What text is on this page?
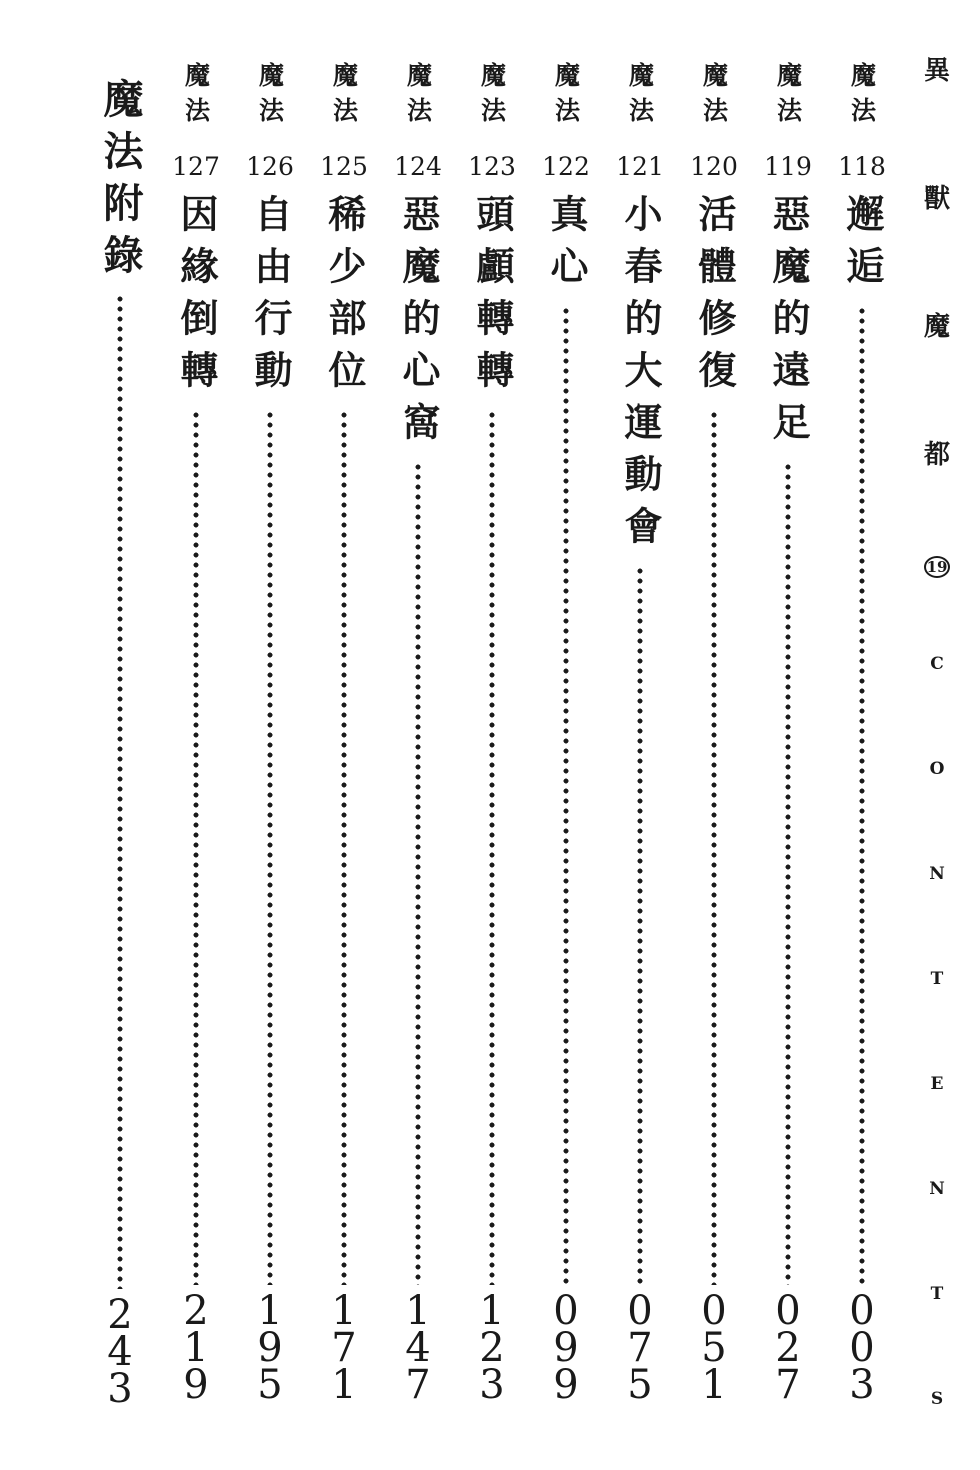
異
獸
魔
都
19
C
O
N
T
E
N
T
S
魔法
118
邂逅
0
0
3
魔法
119
惡魔的遠足
0
2
7
魔法
120
活體修復
0
5
1
魔法
121
小春的大運動會
0
7
5
魔法
122
真心
0
9
9
魔法
123
頭顱轉轉
1
2
3
魔法
124
惡魔的心窩
1
4
7
魔法
125
稀少部位
1
7
1
魔法
126
自由行動
1
9
5
魔法
127
因緣倒轉
2
1
9
魔法附錄
2
4
3
